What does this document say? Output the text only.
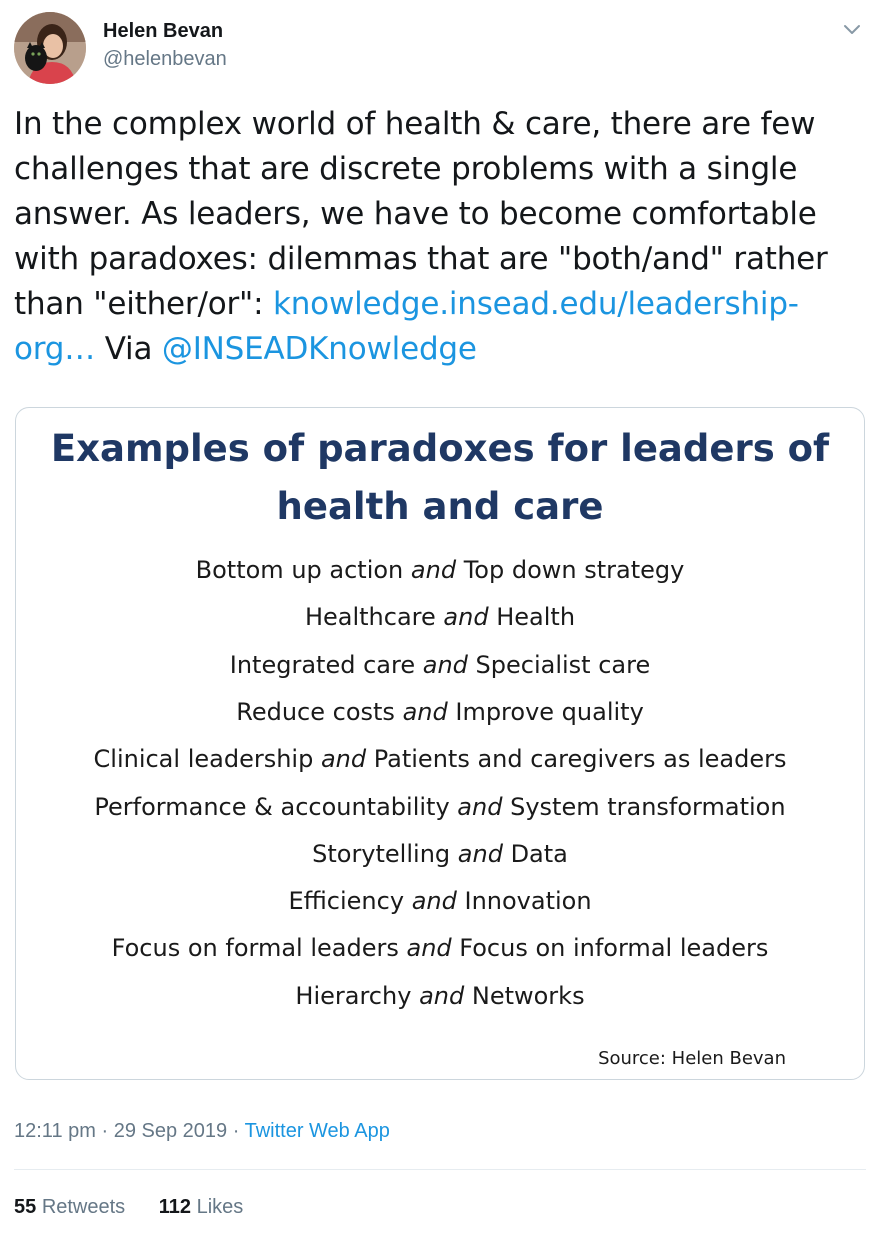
Helen Bevan
@helenbevan
In the complex world of health & care, there are few challenges that are discrete problems with a single answer. As leaders, we have to become comfortable with paradoxes: dilemmas that are "both/and" rather than "either/or": knowledge.insead.edu/leadership-org… Via @INSEADKnowledge
Examples of paradoxes for leaders of health and care
Bottom up action and Top down strategy
Healthcare and Health
Integrated care and Specialist care
Reduce costs and Improve quality
Clinical leadership and Patients and caregivers as leaders
Performance & accountability and System transformation
Storytelling and Data
Efficiency and Innovation
Focus on formal leaders and Focus on informal leaders
Hierarchy and Networks
Source: Helen Bevan
12:11 pm · 29 Sep 2019 · Twitter Web App
55 Retweets 112 Likes
